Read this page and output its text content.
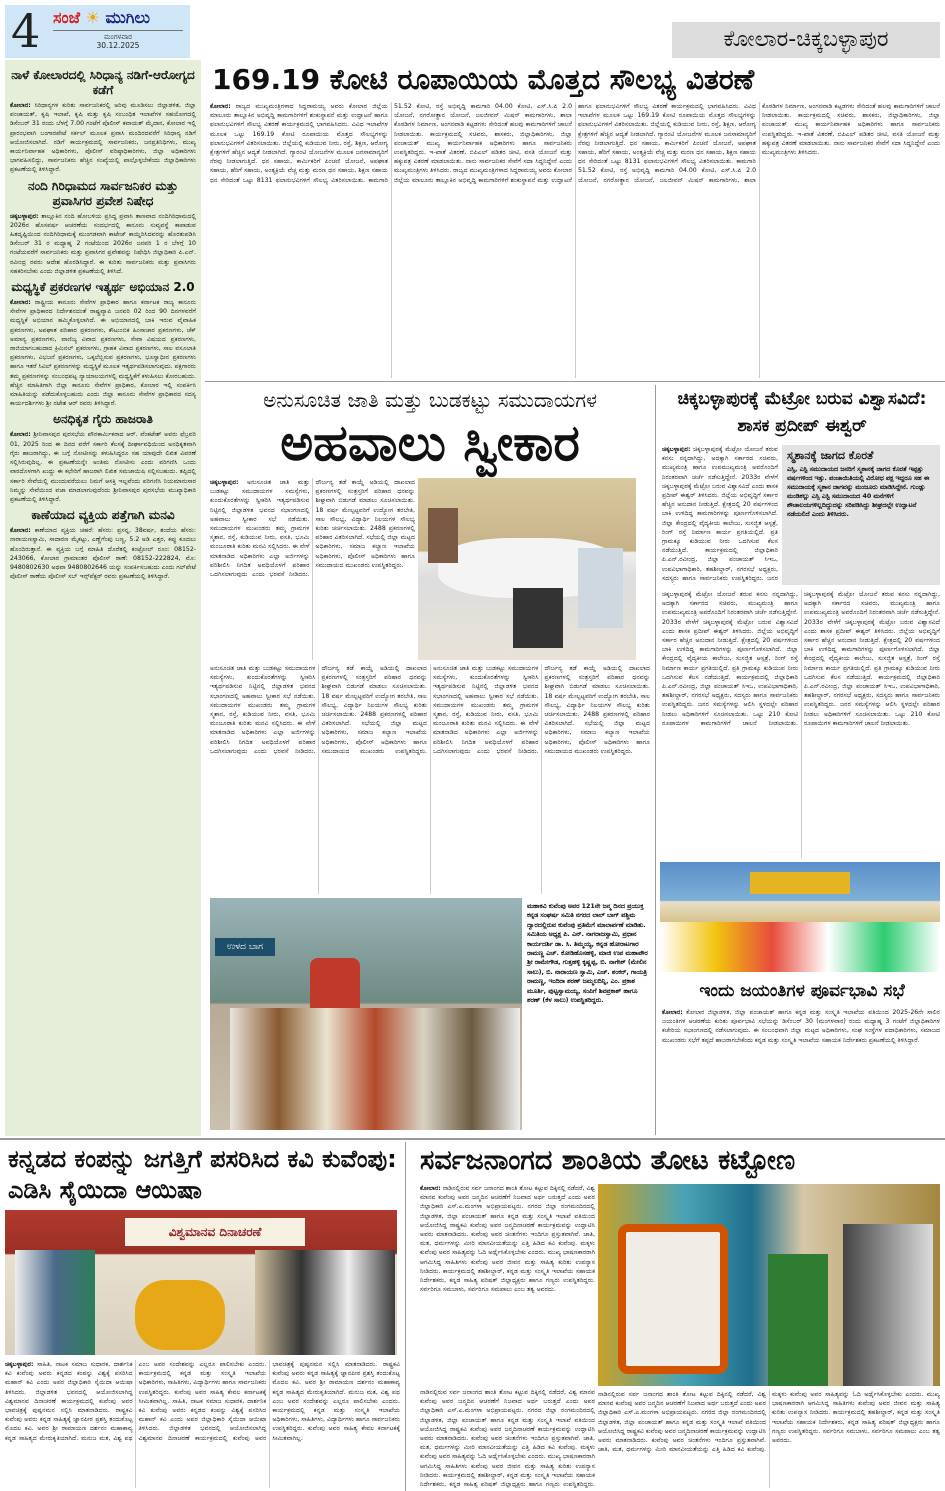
4 ಸಂಜೆ ☀ ಮುಗಿಲು
ಮಂಗಳವಾರ
30.12.2025	ಕೋಲಾರ-ಚಿಕ್ಕಬಳ್ಳಾಪುರ
ನಾಳೆ ಕೋಲಾರದಲ್ಲಿ ಸಿರಿಧಾನ್ಯ ನಡಿಗೆ-ಆರೋಗ್ಯದ ಕಡೆಗೆ

ಕೋಲಾರ: ಸಿರಿಧಾನ್ಯಗಳ ಕುರಿತು ಸಾರ್ವಜನಿಕರಲ್ಲಿ ಅರಿವು ಮೂಡಿಸಲು ಜಿಲ್ಲಾಡಳಿತ, ಜಿಲ್ಲಾ ಪಂಚಾಯತ್, ಕೃಷಿ ಇಲಾಖೆ, ಕೃಷಿ ಮತ್ತು ಕೃಷಿ ಸಂಬಂಧಿತ ಇಲಾಖೆಗಳ ಸಹಯೋಗದಲ್ಲಿ ಡಿಸೆಂಬರ್ 31 ರಂದು ಬೆಳಗ್ಗೆ 7.00 ಗಂಟೆಗೆ ಪೊಲೀಸ್ ಕವಾಯತ್ ಮೈದಾನ, ಕೋಲಾರ ಇಲ್ಲಿ ಪ್ರಾರಂಭವಾಗಿ ಬಂಗಾರಪೇಟೆ ಸರ್ಕಲ್ ಮೂಲಕ ಪ್ರವಾಸಿ ಮಂದಿರದವರೆಗೆ ಸಿರಿಧಾನ್ಯ ನಡಿಗೆ ಆಯೋಜಿಸಲಾಗಿದೆ. ನಡಿಗೆ ಕಾರ್ಯಕ್ರಮದಲ್ಲಿ ಸಾರ್ವಜನಿಕರು, ಜನಪ್ರತಿನಿಧಿಗಳು, ಮುಖ್ಯ ಕಾರ್ಯನಿರ್ವಾಹಕ ಅಧಿಕಾರಿಗಳು, ಪೊಲೀಸ್ ವರಿಷ್ಠಾಧಿಕಾರಿಗಳು, ಜಿಲ್ಲಾ ಅಧಿಕಾರಿಗಳು ಭಾಗವಹಿಸಲಿದ್ದು, ಸಾರ್ವಜನಿಕರು ಹೆಚ್ಚಿನ ಸಂಖ್ಯೆಯಲ್ಲಿ ಪಾಲ್ಗೊಳ್ಳಬೇಕೆಂದು ಜಿಲ್ಲಾಧಿಕಾರಿಗಳು ಪ್ರಕಟಣೆಯಲ್ಲಿ ತಿಳಿಸಿದ್ದಾರೆ.

ನಂದಿ ಗಿರಿಧಾಮದ ಸಾರ್ವಜನಿಕರ ಮತ್ತು ಪ್ರವಾಸಿಗರ ಪ್ರವೇಶ ನಿಷೇಧ

ಚಿಕ್ಕಬಳ್ಳಾಪುರ: ತಾಲ್ಲೂಕಿನ ನಂದಿ ಹೋಬಳಿಯ ಪ್ರಸಿದ್ಧ ಪ್ರವಾಸಿ ತಾಣವಾದ ನಂದಿಗಿರಿಧಾಮದಲ್ಲಿ 2026ರ ಹೊಸವರ್ಷ ಆಚರಣೆಯ ಸಂದರ್ಭದಲ್ಲಿ ಕಾನೂನು ಸುವ್ಯವಸ್ಥೆ ಕಾಪಾಡುವ ಹಿತದೃಷ್ಟಿಯಿಂದ ನಂದಿಗಿರಿಧಾಮಕ್ಕೆ ಮುಂಗಡವಾಗಿ ಕಾಟೇಜ್ ಕಾಯ್ದಿರಿಸಿದವರನ್ನು ಹೊರತುಪಡಿಸಿ ಡಿಸೆಂಬರ್ 31 ರ ಮಧ್ಯಾಹ್ನ 2 ಗಂಟೆಯಿಂದ 2026ರ ಜನವರಿ 1 ರ ಬೆಳಗ್ಗೆ 10 ಗಂಟೆಯವರೆಗೆ ಸಾರ್ವಜನಿಕರು ಮತ್ತು ಪ್ರವಾಸಿಗರ ಪ್ರವೇಶವನ್ನು ನಿಷೇಧಿಸಿ ಜಿಲ್ಲಾಧಿಕಾರಿ ಪಿ.ಎನ್. ರವೀಂದ್ರ ರವರು ಆದೇಶ ಹೊರಡಿಸಿದ್ದಾರೆ. ಈ ಕುರಿತು ಸಾರ್ವಜನಿಕರು ಮತ್ತು ಪ್ರವಾಸಿಗರು ಸಹಕರಿಸಬೇಕು ಎಂದು ಜಿಲ್ಲಾಡಳಿತ ಪ್ರಕಟಣೆಯಲ್ಲಿ ತಿಳಿಸಿದೆ.

ಮಧ್ಯಸ್ಥಿಕೆ ಪ್ರಕರಣಗಳ ಇತ್ಯರ್ಥ ಅಭಿಯಾನ 2.0

ಕೋಲಾರ: ರಾಷ್ಟ್ರೀಯ ಕಾನೂನು ಸೇವೆಗಳ ಪ್ರಾಧಿಕಾರ ಹಾಗೂ ಕರ್ನಾಟಕ ರಾಜ್ಯ ಕಾನೂನು ಸೇವೆಗಳ ಪ್ರಾಧಿಕಾರದ ನಿರ್ದೇಶನದಂತೆ ರಾಷ್ಟ್ರವ್ಯಾಪಿ ಜನವರಿ 02 ರಿಂದ 90 ದಿನಗಳವರೆಗೆ ಮಧ್ಯಸ್ಥಿಕೆ ಅಭಿಯಾನ ಹಮ್ಮಿಕೊಳ್ಳಲಾಗಿದೆ. ಈ ಅಭಿಯಾನದಲ್ಲಿ ಬಾಕಿ ಇರುವ ವೈವಾಹಿಕ ಪ್ರಕರಣಗಳು, ಅಪಘಾತ ಪರಿಹಾರ ಪ್ರಕರಣಗಳು, ಕೌಟುಂಬಿಕ ಹಿಂಸಾಚಾರ ಪ್ರಕರಣಗಳು, ಚೆಕ್ ಅಮಾನ್ಯ ಪ್ರಕರಣಗಳು, ವಾಣಿಜ್ಯ ವಿವಾದ ಪ್ರಕರಣಗಳು, ಸೇವಾ ವಿಷಯದ ಪ್ರಕರಣಗಳು, ರಾಜಿಯಾಗಬಹುದಾದ ಕ್ರಿಮಿನಲ್ ಪ್ರಕರಣಗಳು, ಗ್ರಾಹಕ ವಿವಾದ ಪ್ರಕರಣಗಳು, ಸಾಲ ವಸೂಲಾತಿ ಪ್ರಕರಣಗಳು, ವಿಭಜನೆ ಪ್ರಕರಣಗಳು, ಒಕ್ಕಲೆಬ್ಬಿಸುವ ಪ್ರಕರಣಗಳು, ಭೂಸ್ವಾಧೀನ ಪ್ರಕರಣಗಳು ಹಾಗೂ ಇತರೆ ಸಿವಿಲ್ ಪ್ರಕರಣಗಳನ್ನು ಮಧ್ಯಸ್ಥಿಕೆ ಮೂಲಕ ಇತ್ಯರ್ಥಪಡಿಸಲಾಗುವುದು. ಪಕ್ಷಗಾರರು ತಮ್ಮ ಪ್ರಕರಣಗಳನ್ನು ಸಂಬಂಧಪಟ್ಟ ನ್ಯಾಯಾಲಯಗಳಲ್ಲಿ ಮಧ್ಯಸ್ಥಿಕೆಗೆ ಕಳುಹಿಸಲು ಕೋರಬಹುದು. ಹೆಚ್ಚಿನ ಮಾಹಿತಿಗಾಗಿ ಜಿಲ್ಲಾ ಕಾನೂನು ಸೇವೆಗಳ ಪ್ರಾಧಿಕಾರ, ಕೋಲಾರ ಇಲ್ಲಿ ಸಂಪರ್ಕಿಸಿ ಮಾಹಿತಿಯನ್ನು ಪಡೆದುಕೊಳ್ಳಬಹುದು ಎಂದು ಜಿಲ್ಲಾ ಕಾನೂನು ಸೇವೆಗಳ ಪ್ರಾಧಿಕಾರದ ಸದಸ್ಯ ಕಾರ್ಯದರ್ಶಿಗಳು ಶ್ರೀ ನಟೇಶ ಆರ್ ರವರು ತಿಳಿಸಿದ್ದಾರೆ.

ಅನಧಿಕೃತ ಗೈರು ಹಾಜರಾತಿ

ಕೋಲಾರ: ಶ್ರೀನಿವಾಸಪುರ ಪುರಸಭೆಯ ಪೌರಕಾರ್ಮಿಕರಾದ ಆರ್. ವೆಂಕಟೇಶ್ ಅವರು ಫೆಬ್ರವರಿ 01, 2025 ರಿಂದ ಈ ದಿನದ ವರೆಗೆ ಸರ್ಕಾರಿ ಕೆಲಸಕ್ಕೆ ದೀರ್ಘಾವಧಿಯಿಂದ ಅನಧಿಕೃತವಾಗಿ ಗೈರು ಹಾಜರಾಗಿದ್ದು, ಈ ಬಗ್ಗೆ ನೋಟೀಸನ್ನು ಕಳುಹಿಸಿದ್ದರೂ ಸಹ ಯಾವುದೇ ಲಿಖಿತ ವಿವರಣೆ ಸಲ್ಲಿಸಿರುವುದಿಲ್ಲ. ಈ ಪ್ರಕಟಣೆಯನ್ನೇ ಅಂತಿಮ ನೋಟೀಸು ಎಂದು ಪರಿಗಣಿಸಿ ಒಂದು ವಾರದೊಳಗಾಗಿ ಖುದ್ದು ಈ ಕಛೇರಿಗೆ ಹಾಜರಾಗಿ ಲಿಖಿತ ಸಮಜಾಯಿಷಿ ಸಲ್ಲಿಸಬಹುದು. ತಪ್ಪಿದಲ್ಲಿ ಸರ್ಕಾರಿ ಸೇವೆಯಲ್ಲಿ ಮುಂದುವರೆಯಲು ನಿಮಗೆ ಆಸಕ್ತಿ ಇಲ್ಲವೆಂದು ಪರಿಗಣಿಸಿ ನಿಯಮಾನುಸಾರ ನಿಮ್ಮನ್ನು ಸೇವೆಯಿಂದ ವಜಾ ಮಾಡಲಾಗುವುದೆಂದು ಶ್ರೀನಿವಾಸಪುರ ಪುರಸಭೆಯ ಮುಖ್ಯಾಧಿಕಾರಿ ಪ್ರಕಟಣೆಯಲ್ಲಿ ತಿಳಿಸಿದ್ದಾರೆ.

ಕಾಣೆಯಾದ ವ್ಯಕ್ತಿಯ ಪತ್ತೆಗಾಗಿ ಮನವಿ

ಕೋಲಾರ: ಕಾಣೆಯಾದ ವ್ಯಕ್ತಿಯ ಚಹರೆ: ಹೆಸರು: ಪ್ರಸನ್ನ, 38ವರ್ಷ, ತಂದೆಯ ಹೆಸರು: ನಾರಾಯಣಸ್ವಾಮಿ, ಸಾದಾರಣ ಮೈಕಟ್ಟು, ಎಣ್ಣೆಗೆಂಪು ಬಣ್ಣ, 5.2 ಅಡಿ ಎತ್ತರ, ಕಪ್ಪು ಕೂದಲು ಹೊಂದಿರುತ್ತಾನೆ. ಈ ವ್ಯಕ್ತಿಯ ಬಗ್ಗೆ ಮಾಹಿತಿ ದೊರೆತಲ್ಲಿ ಕಂಟ್ರೋಲ್ ರೂಂ: 08152-243066, ಕೋಲಾರ ಗ್ರಾಮಾಂತರ ಪೊಲೀಸ್ ಠಾಣೆ: 08152-222824, ಮೊ: 9480802630 ಅಥವಾ 9480802646 ಯನ್ನು ಸಂಪರ್ಕಿಸಬಹುದು ಎಂದು ಗಲ್‌ಪೇಟೆ ಪೊಲೀಸ್ ಠಾಣೆಯ ಪೊಲೀಸ್ ಸಬ್ ಇನ್ಸ್‌ಪೆಕ್ಟರ್ ರವರು ಪ್ರಕಟಣೆಯಲ್ಲಿ ತಿಳಿಸಿದ್ದಾರೆ.

169.19 ಕೋಟಿ ರೂಪಾಯಿಯ ಮೊತ್ತದ ಸೌಲಭ್ಯ ವಿತರಣೆ
ಕೋಲಾರ: ರಾಜ್ಯದ ಮುಖ್ಯಮಂತ್ರಿಗಳಾದ ಸಿದ್ದರಾಮಯ್ಯ ಅವರು ಕೋಲಾರ ಜಿಲ್ಲೆಯ ಮಾಲೂರು ತಾಲ್ಲೂಕಿನ ಅಭಿವೃದ್ಧಿ ಕಾಮಗಾರಿಗಳಿಗೆ ಶಂಕುಸ್ಥಾಪನೆ ಮತ್ತು ಉದ್ಘಾಟನೆ ಹಾಗೂ ಫಲಾನುಭವಿಗಳಿಗೆ ಸೌಲಭ್ಯ ವಿತರಣೆ ಕಾರ್ಯಕ್ರಮದಲ್ಲಿ ಭಾಗವಹಿಸಿದರು. ವಿವಿಧ ಇಲಾಖೆಗಳ ಮೂಲಕ ಒಟ್ಟು 169.19 ಕೋಟಿ ರೂಪಾಯಿಯ ಮೊತ್ತದ ಸೌಲಭ್ಯಗಳನ್ನು ಫಲಾನುಭವಿಗಳಿಗೆ ವಿತರಿಸಲಾಯಿತು. ಜಿಲ್ಲೆಯಲ್ಲಿ ಕುಡಿಯುವ ನೀರು, ರಸ್ತೆ, ಶಿಕ್ಷಣ, ಆರೋಗ್ಯ ಕ್ಷೇತ್ರಗಳಿಗೆ ಹೆಚ್ಚಿನ ಆದ್ಯತೆ ನೀಡಲಾಗಿದೆ. ಗ್ಯಾರಂಟಿ ಯೋಜನೆಗಳ ಮೂಲಕ ಜನಸಾಮಾನ್ಯರಿಗೆ ನೆರವು ನೀಡಲಾಗುತ್ತಿದೆ. ಧನ ಸಹಾಯ, ಕಾರ್ಮಿಕರಿಗೆ ಪಿಂಚಣಿ ಯೋಜನೆ, ಅಪಘಾತ ಸಹಾಯ, ಹೆರಿಗೆ ಸಹಾಯ, ಅಂತ್ಯಕ್ರಿಯೆ ವೆಚ್ಚ ಮತ್ತು ಮರಣ ಧನ ಸಹಾಯ, ಶಿಕ್ಷಣ ಸಹಾಯ ಧನ ಸೇರಿದಂತೆ ಒಟ್ಟು 8131 ಫಲಾನುಭವಿಗಳಿಗೆ ಸೌಲಭ್ಯ ವಿತರಿಸಲಾಯಿತು. ಕಾಮಗಾರಿ 51.52 ಕೋಟಿ, ರಸ್ತೆ ಅಭಿವೃದ್ಧಿ ಕಾಮಗಾರಿ 04.00 ಕೋಟಿ, ಎಸ್.ಸಿ.ಪಿ 2.0 ಯೋಜನೆ, ನಗರೋತ್ಥಾನ ಯೋಜನೆ, ಜಲಜೀವನ್ ಮಿಷನ್ ಕಾಮಗಾರಿಗಳು, ಶಾಲಾ ಕೊಠಡಿಗಳ ನಿರ್ಮಾಣ, ಅಂಗನವಾಡಿ ಕಟ್ಟಡಗಳು ಸೇರಿದಂತೆ ಹಲವು ಕಾಮಗಾರಿಗಳಿಗೆ ಚಾಲನೆ ನೀಡಲಾಯಿತು. ಕಾರ್ಯಕ್ರಮದಲ್ಲಿ ಸಚಿವರು, ಶಾಸಕರು, ಜಿಲ್ಲಾಧಿಕಾರಿಗಳು, ಜಿಲ್ಲಾ ಪಂಚಾಯತ್ ಮುಖ್ಯ ಕಾರ್ಯನಿರ್ವಾಹಕ ಅಧಿಕಾರಿಗಳು ಹಾಗೂ ಸಾರ್ವಜನಿಕರು ಉಪಸ್ಥಿತರಿದ್ದರು. ಇ-ಖಾತೆ ವಿತರಣೆ, ಬಿಪಿಎಲ್ ಪಡಿತರ ಚೀಟಿ, ವಸತಿ ಯೋಜನೆ ಮತ್ತು ಹಕ್ಕುಪತ್ರ ವಿತರಣೆ ಮಾಡಲಾಯಿತು. ನಾನು ಸಾರ್ವಜನಿಕರ ಸೇವೆಗೆ ಸದಾ ಸಿದ್ಧನಿದ್ದೇನೆ ಎಂದು ಮುಖ್ಯಮಂತ್ರಿಗಳು ತಿಳಿಸಿದರು. ರಾಜ್ಯದ ಮುಖ್ಯಮಂತ್ರಿಗಳಾದ ಸಿದ್ದರಾಮಯ್ಯ ಅವರು ಕೋಲಾರ ಜಿಲ್ಲೆಯ ಮಾಲೂರು ತಾಲ್ಲೂಕಿನ ಅಭಿವೃದ್ಧಿ ಕಾಮಗಾರಿಗಳಿಗೆ ಶಂಕುಸ್ಥಾಪನೆ ಮತ್ತು ಉದ್ಘಾಟನೆ ಹಾಗೂ ಫಲಾನುಭವಿಗಳಿಗೆ ಸೌಲಭ್ಯ ವಿತರಣೆ ಕಾರ್ಯಕ್ರಮದಲ್ಲಿ ಭಾಗವಹಿಸಿದರು. ವಿವಿಧ ಇಲಾಖೆಗಳ ಮೂಲಕ ಒಟ್ಟು 169.19 ಕೋಟಿ ರೂಪಾಯಿಯ ಮೊತ್ತದ ಸೌಲಭ್ಯಗಳನ್ನು ಫಲಾನುಭವಿಗಳಿಗೆ ವಿತರಿಸಲಾಯಿತು. ಜಿಲ್ಲೆಯಲ್ಲಿ ಕುಡಿಯುವ ನೀರು, ರಸ್ತೆ, ಶಿಕ್ಷಣ, ಆರೋಗ್ಯ ಕ್ಷೇತ್ರಗಳಿಗೆ ಹೆಚ್ಚಿನ ಆದ್ಯತೆ ನೀಡಲಾಗಿದೆ. ಗ್ಯಾರಂಟಿ ಯೋಜನೆಗಳ ಮೂಲಕ ಜನಸಾಮಾನ್ಯರಿಗೆ ನೆರವು ನೀಡಲಾಗುತ್ತಿದೆ. ಧನ ಸಹಾಯ, ಕಾರ್ಮಿಕರಿಗೆ ಪಿಂಚಣಿ ಯೋಜನೆ, ಅಪಘಾತ ಸಹಾಯ, ಹೆರಿಗೆ ಸಹಾಯ, ಅಂತ್ಯಕ್ರಿಯೆ ವೆಚ್ಚ ಮತ್ತು ಮರಣ ಧನ ಸಹಾಯ, ಶಿಕ್ಷಣ ಸಹಾಯ ಧನ ಸೇರಿದಂತೆ ಒಟ್ಟು 8131 ಫಲಾನುಭವಿಗಳಿಗೆ ಸೌಲಭ್ಯ ವಿತರಿಸಲಾಯಿತು. ಕಾಮಗಾರಿ 51.52 ಕೋಟಿ, ರಸ್ತೆ ಅಭಿವೃದ್ಧಿ ಕಾಮಗಾರಿ 04.00 ಕೋಟಿ, ಎಸ್.ಸಿ.ಪಿ 2.0 ಯೋಜನೆ, ನಗರೋತ್ಥಾನ ಯೋಜನೆ, ಜಲಜೀವನ್ ಮಿಷನ್ ಕಾಮಗಾರಿಗಳು, ಶಾಲಾ ಕೊಠಡಿಗಳ ನಿರ್ಮಾಣ, ಅಂಗನವಾಡಿ ಕಟ್ಟಡಗಳು ಸೇರಿದಂತೆ ಹಲವು ಕಾಮಗಾರಿಗಳಿಗೆ ಚಾಲನೆ ನೀಡಲಾಯಿತು. ಕಾರ್ಯಕ್ರಮದಲ್ಲಿ ಸಚಿವರು, ಶಾಸಕರು, ಜಿಲ್ಲಾಧಿಕಾರಿಗಳು, ಜಿಲ್ಲಾ ಪಂಚಾಯತ್ ಮುಖ್ಯ ಕಾರ್ಯನಿರ್ವಾಹಕ ಅಧಿಕಾರಿಗಳು ಹಾಗೂ ಸಾರ್ವಜನಿಕರು ಉಪಸ್ಥಿತರಿದ್ದರು. ಇ-ಖಾತೆ ವಿತರಣೆ, ಬಿಪಿಎಲ್ ಪಡಿತರ ಚೀಟಿ, ವಸತಿ ಯೋಜನೆ ಮತ್ತು ಹಕ್ಕುಪತ್ರ ವಿತರಣೆ ಮಾಡಲಾಯಿತು. ನಾನು ಸಾರ್ವಜನಿಕರ ಸೇವೆಗೆ ಸದಾ ಸಿದ್ಧನಿದ್ದೇನೆ ಎಂದು ಮುಖ್ಯಮಂತ್ರಿಗಳು ತಿಳಿಸಿದರು.
ಅನುಸೂಚಿತ ಜಾತಿ ಮತ್ತು ಬುಡಕಟ್ಟು ಸಮುದಾಯಗಳ
ಅಹವಾಲು ಸ್ವೀಕಾರ
ಚಿಕ್ಕಬಳ್ಳಾಪುರ: ಅನುಸೂಚಿತ ಜಾತಿ ಮತ್ತು ಬುಡಕಟ್ಟು ಸಮುದಾಯಗಳ ಸಮಸ್ಯೆಗಳು, ಕುಂದುಕೊರತೆಗಳನ್ನು ಸ್ವೀಕರಿಸಿ ಇತ್ಯರ್ಥಪಡಿಸುವ ನಿಟ್ಟಿನಲ್ಲಿ ಜಿಲ್ಲಾಡಳಿತ ಭವನದ ಸಭಾಂಗಣದಲ್ಲಿ ಅಹವಾಲು ಸ್ವೀಕಾರ ಸಭೆ ನಡೆಯಿತು. ಸಮುದಾಯಗಳ ಮುಖಂಡರು ತಮ್ಮ ಗ್ರಾಮಗಳ ಸ್ಮಶಾನ, ರಸ್ತೆ, ಕುಡಿಯುವ ನೀರು, ವಸತಿ, ಭೂಮಿ ಮಂಜೂರಾತಿ ಕುರಿತು ಮನವಿ ಸಲ್ಲಿಸಿದರು. ಈ ವೇಳೆ ಮಾತನಾಡಿದ ಅಧಿಕಾರಿಗಳು ಎಲ್ಲಾ ಅರ್ಜಿಗಳನ್ನು ಪರಿಶೀಲಿಸಿ ನಿಗದಿತ ಅವಧಿಯೊಳಗೆ ಪರಿಹಾರ ಒದಗಿಸಲಾಗುವುದು ಎಂದು ಭರವಸೆ ನೀಡಿದರು. ದೌರ್ಜನ್ಯ ತಡೆ ಕಾಯ್ದೆ ಅಡಿಯಲ್ಲಿ ದಾಖಲಾದ ಪ್ರಕರಣಗಳಲ್ಲಿ ಸಂತ್ರಸ್ತರಿಗೆ ಪರಿಹಾರ ಧನವನ್ನು ಶೀಘ್ರವಾಗಿ ಬಿಡುಗಡೆ ಮಾಡಲು ಸೂಚಿಸಲಾಯಿತು. 18 ವರ್ಷ ಮೇಲ್ಪಟ್ಟವರಿಗೆ ಉದ್ಯೋಗ ತರಬೇತಿ, ಸಾಲ ಸೌಲಭ್ಯ, ವಿದ್ಯಾರ್ಥಿ ನಿಲಯಗಳ ಸೌಲಭ್ಯ ಕುರಿತು ಚರ್ಚಿಸಲಾಯಿತು. 2488 ಪ್ರಕರಣಗಳಲ್ಲಿ ಪರಿಹಾರ ವಿತರಿಸಲಾಗಿದೆ. ಸಭೆಯಲ್ಲಿ ಜಿಲ್ಲಾ ಮಟ್ಟದ ಅಧಿಕಾರಿಗಳು, ಸಮಾಜ ಕಲ್ಯಾಣ ಇಲಾಖೆಯ ಅಧಿಕಾರಿಗಳು, ಪೊಲೀಸ್ ಅಧಿಕಾರಿಗಳು ಹಾಗೂ ಸಮುದಾಯದ ಮುಖಂಡರು ಉಪಸ್ಥಿತರಿದ್ದರು.
ಅನುಸೂಚಿತ ಜಾತಿ ಮತ್ತು ಬುಡಕಟ್ಟು ಸಮುದಾಯಗಳ ಸಮಸ್ಯೆಗಳು, ಕುಂದುಕೊರತೆಗಳನ್ನು ಸ್ವೀಕರಿಸಿ ಇತ್ಯರ್ಥಪಡಿಸುವ ನಿಟ್ಟಿನಲ್ಲಿ ಜಿಲ್ಲಾಡಳಿತ ಭವನದ ಸಭಾಂಗಣದಲ್ಲಿ ಅಹವಾಲು ಸ್ವೀಕಾರ ಸಭೆ ನಡೆಯಿತು. ಸಮುದಾಯಗಳ ಮುಖಂಡರು ತಮ್ಮ ಗ್ರಾಮಗಳ ಸ್ಮಶಾನ, ರಸ್ತೆ, ಕುಡಿಯುವ ನೀರು, ವಸತಿ, ಭೂಮಿ ಮಂಜೂರಾತಿ ಕುರಿತು ಮನವಿ ಸಲ್ಲಿಸಿದರು. ಈ ವೇಳೆ ಮಾತನಾಡಿದ ಅಧಿಕಾರಿಗಳು ಎಲ್ಲಾ ಅರ್ಜಿಗಳನ್ನು ಪರಿಶೀಲಿಸಿ ನಿಗದಿತ ಅವಧಿಯೊಳಗೆ ಪರಿಹಾರ ಒದಗಿಸಲಾಗುವುದು ಎಂದು ಭರವಸೆ ನೀಡಿದರು. ದೌರ್ಜನ್ಯ ತಡೆ ಕಾಯ್ದೆ ಅಡಿಯಲ್ಲಿ ದಾಖಲಾದ ಪ್ರಕರಣಗಳಲ್ಲಿ ಸಂತ್ರಸ್ತರಿಗೆ ಪರಿಹಾರ ಧನವನ್ನು ಶೀಘ್ರವಾಗಿ ಬಿಡುಗಡೆ ಮಾಡಲು ಸೂಚಿಸಲಾಯಿತು. 18 ವರ್ಷ ಮೇಲ್ಪಟ್ಟವರಿಗೆ ಉದ್ಯೋಗ ತರಬೇತಿ, ಸಾಲ ಸೌಲಭ್ಯ, ವಿದ್ಯಾರ್ಥಿ ನಿಲಯಗಳ ಸೌಲಭ್ಯ ಕುರಿತು ಚರ್ಚಿಸಲಾಯಿತು. 2488 ಪ್ರಕರಣಗಳಲ್ಲಿ ಪರಿಹಾರ ವಿತರಿಸಲಾಗಿದೆ. ಸಭೆಯಲ್ಲಿ ಜಿಲ್ಲಾ ಮಟ್ಟದ ಅಧಿಕಾರಿಗಳು, ಸಮಾಜ ಕಲ್ಯಾಣ ಇಲಾಖೆಯ ಅಧಿಕಾರಿಗಳು, ಪೊಲೀಸ್ ಅಧಿಕಾರಿಗಳು ಹಾಗೂ ಸಮುದಾಯದ ಮುಖಂಡರು ಉಪಸ್ಥಿತರಿದ್ದರು. ಅನುಸೂಚಿತ ಜಾತಿ ಮತ್ತು ಬುಡಕಟ್ಟು ಸಮುದಾಯಗಳ ಸಮಸ್ಯೆಗಳು, ಕುಂದುಕೊರತೆಗಳನ್ನು ಸ್ವೀಕರಿಸಿ ಇತ್ಯರ್ಥಪಡಿಸುವ ನಿಟ್ಟಿನಲ್ಲಿ ಜಿಲ್ಲಾಡಳಿತ ಭವನದ ಸಭಾಂಗಣದಲ್ಲಿ ಅಹವಾಲು ಸ್ವೀಕಾರ ಸಭೆ ನಡೆಯಿತು. ಸಮುದಾಯಗಳ ಮುಖಂಡರು ತಮ್ಮ ಗ್ರಾಮಗಳ ಸ್ಮಶಾನ, ರಸ್ತೆ, ಕುಡಿಯುವ ನೀರು, ವಸತಿ, ಭೂಮಿ ಮಂಜೂರಾತಿ ಕುರಿತು ಮನವಿ ಸಲ್ಲಿಸಿದರು. ಈ ವೇಳೆ ಮಾತನಾಡಿದ ಅಧಿಕಾರಿಗಳು ಎಲ್ಲಾ ಅರ್ಜಿಗಳನ್ನು ಪರಿಶೀಲಿಸಿ ನಿಗದಿತ ಅವಧಿಯೊಳಗೆ ಪರಿಹಾರ ಒದಗಿಸಲಾಗುವುದು ಎಂದು ಭರವಸೆ ನೀಡಿದರು. ದೌರ್ಜನ್ಯ ತಡೆ ಕಾಯ್ದೆ ಅಡಿಯಲ್ಲಿ ದಾಖಲಾದ ಪ್ರಕರಣಗಳಲ್ಲಿ ಸಂತ್ರಸ್ತರಿಗೆ ಪರಿಹಾರ ಧನವನ್ನು ಶೀಘ್ರವಾಗಿ ಬಿಡುಗಡೆ ಮಾಡಲು ಸೂಚಿಸಲಾಯಿತು. 18 ವರ್ಷ ಮೇಲ್ಪಟ್ಟವರಿಗೆ ಉದ್ಯೋಗ ತರಬೇತಿ, ಸಾಲ ಸೌಲಭ್ಯ, ವಿದ್ಯಾರ್ಥಿ ನಿಲಯಗಳ ಸೌಲಭ್ಯ ಕುರಿತು ಚರ್ಚಿಸಲಾಯಿತು. 2488 ಪ್ರಕರಣಗಳಲ್ಲಿ ಪರಿಹಾರ ವಿತರಿಸಲಾಗಿದೆ. ಸಭೆಯಲ್ಲಿ ಜಿಲ್ಲಾ ಮಟ್ಟದ ಅಧಿಕಾರಿಗಳು, ಸಮಾಜ ಕಲ್ಯಾಣ ಇಲಾಖೆಯ ಅಧಿಕಾರಿಗಳು, ಪೊಲೀಸ್ ಅಧಿಕಾರಿಗಳು ಹಾಗೂ ಸಮುದಾಯದ ಮುಖಂಡರು ಉಪಸ್ಥಿತರಿದ್ದರು.
ಉಳದ ಬಾಗ
ಮಹಾಕವಿ ಕುವೆಂಪು ಅವರ 121ನೇ ಜನ್ಮ ದಿನದ ಪ್ರಯುಕ್ತ ಕನ್ನಡ ಸಂಘರ್ಷ ಸಮಿತಿ ನಗರದ ಲಾಲ್ ಬಾಗ್ ಪಶ್ಚಿಮ ದ್ವಾರದಲ್ಲಿರುವ ಕುವೆಂಪು ಪ್ರತಿಮೆಗೆ ಮಾಲಾರ್ಪಣೆ ಮಾಡಿತು. ಸಮಿತಿಯ ಅಧ್ಯಕ್ಷ ಪಿ. ಎನ್. ನಾಗರಾಜಸ್ವಾಮಿ, ಪ್ರಧಾನ ಕಾರ್ಯದರ್ಶಿ ಡಾ. ಸಿ. ತಿಮ್ಮಯ್ಯ, ಕನ್ನಡ ಹೋರಾಟಗಾರ ರಾಮಣ್ಣ ಎಚ್. ಕೋಡಿಹೊಸಹಳ್ಳಿ, ಮಾಜಿ ಉಪ ಮಹಾಪೌರ ಶ್ರೀ ರಾಮೇಗೌಡ, ಗುತ್ತಹಳ್ಳಿ ಕೃಷ್ಣಪ್ಪ, ಬಿ. ನಾಗೇಶ್ (ಮೇಲಿನ ಸಾಲು), ಬಿ. ನಾರಾಯಣ ಸ್ವಾಮಿ, ಎಚ್. ಶಂಕರ್, ಗಾಯತ್ರಿ ರಾಮಣ್ಣ, ಇಂದಿರಾ ಶರಣ್ ಜಮ್ಮಲದಿನ್ನಿ, ಎಂ. ಪ್ರಕಾಶ ಮೂರ್ತಿ, ಪುಟ್ಟಸ್ವಾಮಯ್ಯ, ಸಂಪಿಗೆ ಶಿವಪ್ರಕಾಶ್ ಹಾಗೂ ಶರಣ್ (ಕೆಳ ಸಾಲು) ಉಪಸ್ಥಿತರಿದ್ದರು.
ಚಿಕ್ಕಬಳ್ಳಾಪುರಕ್ಕೆ ಮೆಟ್ರೋ ಬರುವ ವಿಶ್ವಾಸವಿದೆ: ಶಾಸಕ ಪ್ರದೀಪ್ ಈಶ್ವರ್
ಚಿಕ್ಕಬಳ್ಳಾಪುರ: ಚಿಕ್ಕಬಳ್ಳಾಪುರಕ್ಕೆ ಮೆಟ್ರೋ ಯೋಜನೆ ತರುವ ಕನಸು ನನ್ನದಾಗಿದ್ದು, ಅದಕ್ಕಾಗಿ ಸರ್ಕಾರದ ಸಚಿವರು, ಮುಖ್ಯಮಂತ್ರಿ ಹಾಗೂ ಉಪಮುಖ್ಯಮಂತ್ರಿ ಅವರೊಂದಿಗೆ ನಿರಂತರವಾಗಿ ಚರ್ಚೆ ನಡೆಸುತ್ತಿದ್ದೇನೆ. 2033ರ ವೇಳೆಗೆ ಚಿಕ್ಕಬಳ್ಳಾಪುರಕ್ಕೆ ಮೆಟ್ರೋ ಬರುವ ವಿಶ್ವಾಸವಿದೆ ಎಂದು ಶಾಸಕ ಪ್ರದೀಪ್ ಈಶ್ವರ್ ತಿಳಿಸಿದರು. ಜಿಲ್ಲೆಯ ಅಭಿವೃದ್ಧಿಗೆ ಸರ್ಕಾರ ಹೆಚ್ಚಿನ ಅನುದಾನ ನೀಡುತ್ತಿದೆ. ಕ್ಷೇತ್ರದಲ್ಲಿ 20 ವರ್ಷಗಳಿಂದ ಬಾಕಿ ಉಳಿದಿದ್ದ ಕಾಮಗಾರಿಗಳನ್ನು ಪೂರ್ಣಗೊಳಿಸಲಾಗಿದೆ. ಜಿಲ್ಲಾ ಕೇಂದ್ರದಲ್ಲಿ ವೈದ್ಯಕೀಯ ಕಾಲೇಜು, ಸುಸಜ್ಜಿತ ಆಸ್ಪತ್ರೆ, ರಿಂಗ್ ರಸ್ತೆ ನಿರ್ಮಾಣ ಕಾರ್ಯ ಪ್ರಗತಿಯಲ್ಲಿದೆ. ಪ್ರತಿ ಗ್ರಾಮಕ್ಕೂ ಕುಡಿಯುವ ನೀರು ಒದಗಿಸುವ ಕೆಲಸ ನಡೆಯುತ್ತಿದೆ. ಕಾರ್ಯಕ್ರಮದಲ್ಲಿ ಜಿಲ್ಲಾಧಿಕಾರಿ ಪಿ.ಎನ್.ರವೀಂದ್ರ, ಜಿಲ್ಲಾ ಪಂಚಾಯತ್ ಸಿಇಒ, ಉಪವಿಭಾಗಾಧಿಕಾರಿ, ತಹಶೀಲ್ದಾರ್, ನಗರಸಭೆ ಅಧ್ಯಕ್ಷರು, ಸದಸ್ಯರು ಹಾಗೂ ಸಾರ್ವಜನಿಕರು ಉಪಸ್ಥಿತರಿದ್ದರು. ಜನರ
ಸ್ಮಶಾನಕ್ಕೆ ಜಾಗದ ಕೊರತೆ

ಎಸ್ಸಿ, ಎಸ್ಟಿ ಸಮುದಾಯದ ಜನರಿಗೆ ಸ್ಮಶಾನಕ್ಕೆ ಜಾಗದ ಕೊರತೆ ಇಪ್ಪತ್ತು ವರ್ಷಗಳಿಂದ ಇತ್ತು. ಪಂಚಾಯಿತಿಯಲ್ಲಿ ವಿರೋಧ ಪಕ್ಷ ಇದ್ದರೂ ಸಹ ಈ ಸಮುದಾಯಕ್ಕೆ ಸ್ಮಶಾನ ಜಾಗವನ್ನು ಮಂಜೂರು ಮಾಡಿಸಿದ್ದೇನೆ. ಗುಂಡ್ಲು ಮಂಡಿಕಲ್ಲು ಎಸ್ಸಿ ಎಸ್ಟಿ ಸಮುದಾಯದ 40 ಮನೆಗಳಿಗೆ ಶೌಚಾಲಯಗಳಿಲ್ಲದಿದ್ದುದನ್ನು ಸರಿಪಡಿಸಿದ್ದು ಶೀಘ್ರದಲ್ಲೇ ಉದ್ಘಾಟನೆ ನಡೆಯಲಿದೆ ಎಂದು ತಿಳಿಸಿದರು.

ಚಿಕ್ಕಬಳ್ಳಾಪುರಕ್ಕೆ ಮೆಟ್ರೋ ಯೋಜನೆ ತರುವ ಕನಸು ನನ್ನದಾಗಿದ್ದು, ಅದಕ್ಕಾಗಿ ಸರ್ಕಾರದ ಸಚಿವರು, ಮುಖ್ಯಮಂತ್ರಿ ಹಾಗೂ ಉಪಮುಖ್ಯಮಂತ್ರಿ ಅವರೊಂದಿಗೆ ನಿರಂತರವಾಗಿ ಚರ್ಚೆ ನಡೆಸುತ್ತಿದ್ದೇನೆ. 2033ರ ವೇಳೆಗೆ ಚಿಕ್ಕಬಳ್ಳಾಪುರಕ್ಕೆ ಮೆಟ್ರೋ ಬರುವ ವಿಶ್ವಾಸವಿದೆ ಎಂದು ಶಾಸಕ ಪ್ರದೀಪ್ ಈಶ್ವರ್ ತಿಳಿಸಿದರು. ಜಿಲ್ಲೆಯ ಅಭಿವೃದ್ಧಿಗೆ ಸರ್ಕಾರ ಹೆಚ್ಚಿನ ಅನುದಾನ ನೀಡುತ್ತಿದೆ. ಕ್ಷೇತ್ರದಲ್ಲಿ 20 ವರ್ಷಗಳಿಂದ ಬಾಕಿ ಉಳಿದಿದ್ದ ಕಾಮಗಾರಿಗಳನ್ನು ಪೂರ್ಣಗೊಳಿಸಲಾಗಿದೆ. ಜಿಲ್ಲಾ ಕೇಂದ್ರದಲ್ಲಿ ವೈದ್ಯಕೀಯ ಕಾಲೇಜು, ಸುಸಜ್ಜಿತ ಆಸ್ಪತ್ರೆ, ರಿಂಗ್ ರಸ್ತೆ ನಿರ್ಮಾಣ ಕಾರ್ಯ ಪ್ರಗತಿಯಲ್ಲಿದೆ. ಪ್ರತಿ ಗ್ರಾಮಕ್ಕೂ ಕುಡಿಯುವ ನೀರು ಒದಗಿಸುವ ಕೆಲಸ ನಡೆಯುತ್ತಿದೆ. ಕಾರ್ಯಕ್ರಮದಲ್ಲಿ ಜಿಲ್ಲಾಧಿಕಾರಿ ಪಿ.ಎನ್.ರವೀಂದ್ರ, ಜಿಲ್ಲಾ ಪಂಚಾಯತ್ ಸಿಇಒ, ಉಪವಿಭಾಗಾಧಿಕಾರಿ, ತಹಶೀಲ್ದಾರ್, ನಗರಸಭೆ ಅಧ್ಯಕ್ಷರು, ಸದಸ್ಯರು ಹಾಗೂ ಸಾರ್ವಜನಿಕರು ಉಪಸ್ಥಿತರಿದ್ದರು. ಜನರ ಸಮಸ್ಯೆಗಳನ್ನು ಆಲಿಸಿ ಸ್ಥಳದಲ್ಲೇ ಪರಿಹಾರ ನೀಡಲು ಅಧಿಕಾರಿಗಳಿಗೆ ಸೂಚಿಸಲಾಯಿತು. ಒಟ್ಟು 210 ಕೋಟಿ ರೂಪಾಯಿಗಳ ಕಾಮಗಾರಿಗಳಿಗೆ ಚಾಲನೆ ನೀಡಲಾಯಿತು. ಚಿಕ್ಕಬಳ್ಳಾಪುರಕ್ಕೆ ಮೆಟ್ರೋ ಯೋಜನೆ ತರುವ ಕನಸು ನನ್ನದಾಗಿದ್ದು, ಅದಕ್ಕಾಗಿ ಸರ್ಕಾರದ ಸಚಿವರು, ಮುಖ್ಯಮಂತ್ರಿ ಹಾಗೂ ಉಪಮುಖ್ಯಮಂತ್ರಿ ಅವರೊಂದಿಗೆ ನಿರಂತರವಾಗಿ ಚರ್ಚೆ ನಡೆಸುತ್ತಿದ್ದೇನೆ. 2033ರ ವೇಳೆಗೆ ಚಿಕ್ಕಬಳ್ಳಾಪುರಕ್ಕೆ ಮೆಟ್ರೋ ಬರುವ ವಿಶ್ವಾಸವಿದೆ ಎಂದು ಶಾಸಕ ಪ್ರದೀಪ್ ಈಶ್ವರ್ ತಿಳಿಸಿದರು. ಜಿಲ್ಲೆಯ ಅಭಿವೃದ್ಧಿಗೆ ಸರ್ಕಾರ ಹೆಚ್ಚಿನ ಅನುದಾನ ನೀಡುತ್ತಿದೆ. ಕ್ಷೇತ್ರದಲ್ಲಿ 20 ವರ್ಷಗಳಿಂದ ಬಾಕಿ ಉಳಿದಿದ್ದ ಕಾಮಗಾರಿಗಳನ್ನು ಪೂರ್ಣಗೊಳಿಸಲಾಗಿದೆ. ಜಿಲ್ಲಾ ಕೇಂದ್ರದಲ್ಲಿ ವೈದ್ಯಕೀಯ ಕಾಲೇಜು, ಸುಸಜ್ಜಿತ ಆಸ್ಪತ್ರೆ, ರಿಂಗ್ ರಸ್ತೆ ನಿರ್ಮಾಣ ಕಾರ್ಯ ಪ್ರಗತಿಯಲ್ಲಿದೆ. ಪ್ರತಿ ಗ್ರಾಮಕ್ಕೂ ಕುಡಿಯುವ ನೀರು ಒದಗಿಸುವ ಕೆಲಸ ನಡೆಯುತ್ತಿದೆ. ಕಾರ್ಯಕ್ರಮದಲ್ಲಿ ಜಿಲ್ಲಾಧಿಕಾರಿ ಪಿ.ಎನ್.ರವೀಂದ್ರ, ಜಿಲ್ಲಾ ಪಂಚಾಯತ್ ಸಿಇಒ, ಉಪವಿಭಾಗಾಧಿಕಾರಿ, ತಹಶೀಲ್ದಾರ್, ನಗರಸಭೆ ಅಧ್ಯಕ್ಷರು, ಸದಸ್ಯರು ಹಾಗೂ ಸಾರ್ವಜನಿಕರು ಉಪಸ್ಥಿತರಿದ್ದರು. ಜನರ ಸಮಸ್ಯೆಗಳನ್ನು ಆಲಿಸಿ ಸ್ಥಳದಲ್ಲೇ ಪರಿಹಾರ ನೀಡಲು ಅಧಿಕಾರಿಗಳಿಗೆ ಸೂಚಿಸಲಾಯಿತು. ಒಟ್ಟು 210 ಕೋಟಿ ರೂಪಾಯಿಗಳ ಕಾಮಗಾರಿಗಳಿಗೆ ಚಾಲನೆ ನೀಡಲಾಯಿತು.
ಇಂದು ಜಯಂತಿಗಳ ಪೂರ್ವಭಾವಿ ಸಭೆ
ಕೋಲಾರ: ಕೋಲಾರ ಜಿಲ್ಲಾಡಳಿತ, ಜಿಲ್ಲಾ ಪಂಚಾಯತ್ ಹಾಗೂ ಕನ್ನಡ ಮತ್ತು ಸಂಸ್ಕೃತಿ ಇಲಾಖೆಯ ವತಿಯಿಂದ 2025-26ನೇ ಸಾಲಿನ ಜಯಂತಿಗಳ ಆಚರಣೆಯ ಕುರಿತು ಪೂರ್ವಭಾವಿ ಸಭೆಯನ್ನು ಡಿಸೆಂಬರ್ 30 (ಮಂಗಳವಾರ) ರಂದು ಮಧ್ಯಾಹ್ನ 3 ಗಂಟೆಗೆ ಜಿಲ್ಲಾಧಿಕಾರಿಗಳ ಕಚೇರಿಯ ಸಭಾಂಗಣದಲ್ಲಿ ನಡೆಸಲಾಗುವುದು. ಈ ಸಂಬಂಧವಾಗಿ ಜಿಲ್ಲಾ ಮಟ್ಟದ ಅಧಿಕಾರಿಗಳು, ಸಂಘ ಸಂಸ್ಥೆಗಳ ಪದಾಧಿಕಾರಿಗಳು, ಸಮಾಜದ ಮುಖಂಡರು ಸಭೆಗೆ ತಪ್ಪದೆ ಹಾಜರಾಗಬೇಕೆಂದು ಕನ್ನಡ ಮತ್ತು ಸಂಸ್ಕೃತಿ ಇಲಾಖೆಯ ಸಹಾಯಕ ನಿರ್ದೇಶಕರು ಪ್ರಕಟಣೆಯಲ್ಲಿ ತಿಳಿಸಿದ್ದಾರೆ.
ಕನ್ನಡದ ಕಂಪನ್ನು ಜಗತ್ತಿಗೆ ಪಸರಿಸಿದ ಕವಿ ಕುವೆಂಪು: ಎಡಿಸಿ ಸೈಯಿದಾ ಆಯಿಷಾ
ವಿಶ್ವಮಾನವ ದಿನಾಚರಣೆ
ಚಿಕ್ಕಬಳ್ಳಾಪುರ: ಸಾಹಿತಿ, ನಾಟಕ ಸಮಾಜ ಸುಧಾರಕ, ದಾರ್ಶನಿಕ ಕವಿ ಕುವೆಂಪು ಅವರು ಕನ್ನಡದ ಕಂಪನ್ನು ವಿಶ್ವಕ್ಕೆ ಪಸರಿಸಿದ ಮಹಾನ್ ಕವಿ ಎಂದು ಅಪರ ಜಿಲ್ಲಾಧಿಕಾರಿ ಸೈಯಿದಾ ಆಯಿಷಾ ತಿಳಿಸಿದರು. ಜಿಲ್ಲಾಡಳಿತ ಭವನದಲ್ಲಿ ಆಯೋಜಿಸಲಾಗಿದ್ದ ವಿಶ್ವಮಾನವ ದಿನಾಚರಣೆ ಕಾರ್ಯಕ್ರಮದಲ್ಲಿ ಕುವೆಂಪು ಅವರ ಭಾವಚಿತ್ರಕ್ಕೆ ಪುಷ್ಪನಮನ ಸಲ್ಲಿಸಿ ಮಾತನಾಡಿದರು. ರಾಷ್ಟ್ರಕವಿ ಕುವೆಂಪು ಅವರು ಕನ್ನಡ ಸಾಹಿತ್ಯಕ್ಕೆ ಜ್ಞಾನಪೀಠ ಪ್ರಶಸ್ತಿ ತಂದುಕೊಟ್ಟ ಮೊದಲ ಕವಿ. ಅವರ ಶ್ರೀ ರಾಮಾಯಣ ದರ್ಶನಂ ಮಹಾಕಾವ್ಯ ಕನ್ನಡ ಸಾಹಿತ್ಯದ ಮೇರುಕೃತಿಯಾಗಿದೆ. ಮನುಜ ಮತ, ವಿಶ್ವ ಪಥ ಎಂಬ ಅವರ ಸಂದೇಶವನ್ನು ಎಲ್ಲರೂ ಪಾಲಿಸಬೇಕು ಎಂದರು. ಕಾರ್ಯಕ್ರಮದಲ್ಲಿ ಕನ್ನಡ ಮತ್ತು ಸಂಸ್ಕೃತಿ ಇಲಾಖೆಯ ಅಧಿಕಾರಿಗಳು, ಸಾಹಿತಿಗಳು, ವಿದ್ಯಾರ್ಥಿಗಳು ಹಾಗೂ ಸಾರ್ವಜನಿಕರು ಉಪಸ್ಥಿತರಿದ್ದರು. ಕುವೆಂಪು ಅವರ ಸಾಹಿತ್ಯ ಕೇವಲ ಕರ್ನಾಟಕಕ್ಕೆ ಸೀಮಿತವಾಗಿಲ್ಲ. ಸಾಹಿತಿ, ನಾಟಕ ಸಮಾಜ ಸುಧಾರಕ, ದಾರ್ಶನಿಕ ಕವಿ ಕುವೆಂಪು ಅವರು ಕನ್ನಡದ ಕಂಪನ್ನು ವಿಶ್ವಕ್ಕೆ ಪಸರಿಸಿದ ಮಹಾನ್ ಕವಿ ಎಂದು ಅಪರ ಜಿಲ್ಲಾಧಿಕಾರಿ ಸೈಯಿದಾ ಆಯಿಷಾ ತಿಳಿಸಿದರು. ಜಿಲ್ಲಾಡಳಿತ ಭವನದಲ್ಲಿ ಆಯೋಜಿಸಲಾಗಿದ್ದ ವಿಶ್ವಮಾನವ ದಿನಾಚರಣೆ ಕಾರ್ಯಕ್ರಮದಲ್ಲಿ ಕುವೆಂಪು ಅವರ ಭಾವಚಿತ್ರಕ್ಕೆ ಪುಷ್ಪನಮನ ಸಲ್ಲಿಸಿ ಮಾತನಾಡಿದರು. ರಾಷ್ಟ್ರಕವಿ ಕುವೆಂಪು ಅವರು ಕನ್ನಡ ಸಾಹಿತ್ಯಕ್ಕೆ ಜ್ಞಾನಪೀಠ ಪ್ರಶಸ್ತಿ ತಂದುಕೊಟ್ಟ ಮೊದಲ ಕವಿ. ಅವರ ಶ್ರೀ ರಾಮಾಯಣ ದರ್ಶನಂ ಮಹಾಕಾವ್ಯ ಕನ್ನಡ ಸಾಹಿತ್ಯದ ಮೇರುಕೃತಿಯಾಗಿದೆ. ಮನುಜ ಮತ, ವಿಶ್ವ ಪಥ ಎಂಬ ಅವರ ಸಂದೇಶವನ್ನು ಎಲ್ಲರೂ ಪಾಲಿಸಬೇಕು ಎಂದರು. ಕಾರ್ಯಕ್ರಮದಲ್ಲಿ ಕನ್ನಡ ಮತ್ತು ಸಂಸ್ಕೃತಿ ಇಲಾಖೆಯ ಅಧಿಕಾರಿಗಳು, ಸಾಹಿತಿಗಳು, ವಿದ್ಯಾರ್ಥಿಗಳು ಹಾಗೂ ಸಾರ್ವಜನಿಕರು ಉಪಸ್ಥಿತರಿದ್ದರು. ಕುವೆಂಪು ಅವರ ಸಾಹಿತ್ಯ ಕೇವಲ ಕರ್ನಾಟಕಕ್ಕೆ ಸೀಮಿತವಾಗಿಲ್ಲ.
ಸರ್ವಜನಾಂಗದ ಶಾಂತಿಯ ತೋಟ ಕಟ್ಟೋಣ
ಕೋಲಾರ: ನಾಡಿನಲ್ಲಿರುವ ಸರ್ವ ಜನಾಂಗದ ಶಾಂತಿ ತೋಟ ಕಟ್ಟುವ ದಿಕ್ಕಿನಲ್ಲಿ ನಡೆದರೆ, ವಿಶ್ವ ಮಾನವ ಕುವೆಂಪು ಅವರ ಜನ್ಮದಿನ ಆಚರಣೆಗೆ ನಿಜವಾದ ಅರ್ಥ ಬರುತ್ತದೆ ಎಂದು ಅಪರ ಜಿಲ್ಲಾಧಿಕಾರಿ ಎಸ್.ಎ.ಮಂಗಳಾ ಅಭಿಪ್ರಾಯಪಟ್ಟರು. ನಗರದ ಜಿಲ್ಲಾ ರಂಗಮಂದಿರದಲ್ಲಿ ಜಿಲ್ಲಾಡಳಿತ, ಜಿಲ್ಲಾ ಪಂಚಾಯತ್ ಹಾಗೂ ಕನ್ನಡ ಮತ್ತು ಸಂಸ್ಕೃತಿ ಇಲಾಖೆ ವತಿಯಿಂದ ಆಯೋಜಿಸಿದ್ದ ರಾಷ್ಟ್ರಕವಿ ಕುವೆಂಪು ಅವರ ಜನ್ಮದಿನಾಚರಣೆ ಕಾರ್ಯಕ್ರಮವನ್ನು ಉದ್ಘಾಟಿಸಿ ಅವರು ಮಾತನಾಡಿದರು. ಕುವೆಂಪು ಅವರ ಚಿಂತನೆಗಳು ಇಂದಿಗೂ ಪ್ರಸ್ತುತವಾಗಿವೆ. ಜಾತಿ, ಮತ, ಧರ್ಮಗಳನ್ನು ಮೀರಿ ಮಾನವೀಯತೆಯನ್ನು ಎತ್ತಿ ಹಿಡಿದ ಕವಿ ಕುವೆಂಪು. ಮಕ್ಕಳು ಕುವೆಂಪು ಅವರ ಸಾಹಿತ್ಯವನ್ನು ಓದಿ ಅರ್ಥೈಸಿಕೊಳ್ಳಬೇಕು ಎಂದರು. ಮುಖ್ಯ ಭಾಷಣಕಾರರಾಗಿ ಆಗಮಿಸಿದ್ದ ಸಾಹಿತಿಗಳು ಕುವೆಂಪು ಅವರ ಜೀವನ ಮತ್ತು ಸಾಹಿತ್ಯ ಕುರಿತು ಉಪನ್ಯಾಸ ನೀಡಿದರು. ಕಾರ್ಯಕ್ರಮದಲ್ಲಿ ತಹಶೀಲ್ದಾರ್, ಕನ್ನಡ ಮತ್ತು ಸಂಸ್ಕೃತಿ ಇಲಾಖೆಯ ಸಹಾಯಕ ನಿರ್ದೇಶಕರು, ಕನ್ನಡ ಸಾಹಿತ್ಯ ಪರಿಷತ್ ಜಿಲ್ಲಾಧ್ಯಕ್ಷರು ಹಾಗೂ ಗಣ್ಯರು ಉಪಸ್ಥಿತರಿದ್ದರು. ಸರ್ವರಿಗೂ ಸಮಬಾಳು, ಸರ್ವರಿಗೂ ಸಮಪಾಲು ಎಂಬ ತತ್ವ ಅವರದು.
ನಾಡಿನಲ್ಲಿರುವ ಸರ್ವ ಜನಾಂಗದ ಶಾಂತಿ ತೋಟ ಕಟ್ಟುವ ದಿಕ್ಕಿನಲ್ಲಿ ನಡೆದರೆ, ವಿಶ್ವ ಮಾನವ ಕುವೆಂಪು ಅವರ ಜನ್ಮದಿನ ಆಚರಣೆಗೆ ನಿಜವಾದ ಅರ್ಥ ಬರುತ್ತದೆ ಎಂದು ಅಪರ ಜಿಲ್ಲಾಧಿಕಾರಿ ಎಸ್.ಎ.ಮಂಗಳಾ ಅಭಿಪ್ರಾಯಪಟ್ಟರು. ನಗರದ ಜಿಲ್ಲಾ ರಂಗಮಂದಿರದಲ್ಲಿ ಜಿಲ್ಲಾಡಳಿತ, ಜಿಲ್ಲಾ ಪಂಚಾಯತ್ ಹಾಗೂ ಕನ್ನಡ ಮತ್ತು ಸಂಸ್ಕೃತಿ ಇಲಾಖೆ ವತಿಯಿಂದ ಆಯೋಜಿಸಿದ್ದ ರಾಷ್ಟ್ರಕವಿ ಕುವೆಂಪು ಅವರ ಜನ್ಮದಿನಾಚರಣೆ ಕಾರ್ಯಕ್ರಮವನ್ನು ಉದ್ಘಾಟಿಸಿ ಅವರು ಮಾತನಾಡಿದರು. ಕುವೆಂಪು ಅವರ ಚಿಂತನೆಗಳು ಇಂದಿಗೂ ಪ್ರಸ್ತುತವಾಗಿವೆ. ಜಾತಿ, ಮತ, ಧರ್ಮಗಳನ್ನು ಮೀರಿ ಮಾನವೀಯತೆಯನ್ನು ಎತ್ತಿ ಹಿಡಿದ ಕವಿ ಕುವೆಂಪು. ಮಕ್ಕಳು ಕುವೆಂಪು ಅವರ ಸಾಹಿತ್ಯವನ್ನು ಓದಿ ಅರ್ಥೈಸಿಕೊಳ್ಳಬೇಕು ಎಂದರು. ಮುಖ್ಯ ಭಾಷಣಕಾರರಾಗಿ ಆಗಮಿಸಿದ್ದ ಸಾಹಿತಿಗಳು ಕುವೆಂಪು ಅವರ ಜೀವನ ಮತ್ತು ಸಾಹಿತ್ಯ ಕುರಿತು ಉಪನ್ಯಾಸ ನೀಡಿದರು. ಕಾರ್ಯಕ್ರಮದಲ್ಲಿ ತಹಶೀಲ್ದಾರ್, ಕನ್ನಡ ಮತ್ತು ಸಂಸ್ಕೃತಿ ಇಲಾಖೆಯ ಸಹಾಯಕ ನಿರ್ದೇಶಕರು, ಕನ್ನಡ ಸಾಹಿತ್ಯ ಪರಿಷತ್ ಜಿಲ್ಲಾಧ್ಯಕ್ಷರು ಹಾಗೂ ಗಣ್ಯರು ಉಪಸ್ಥಿತರಿದ್ದರು. ಸರ್ವರಿಗೂ ಸಮಬಾಳು, ಸರ್ವರಿಗೂ ಸಮಪಾಲು ಎಂಬ ತತ್ವ ಅವರದು.
ನಾಡಿನಲ್ಲಿರುವ ಸರ್ವ ಜನಾಂಗದ ಶಾಂತಿ ತೋಟ ಕಟ್ಟುವ ದಿಕ್ಕಿನಲ್ಲಿ ನಡೆದರೆ, ವಿಶ್ವ ಮಾನವ ಕುವೆಂಪು ಅವರ ಜನ್ಮದಿನ ಆಚರಣೆಗೆ ನಿಜವಾದ ಅರ್ಥ ಬರುತ್ತದೆ ಎಂದು ಅಪರ ಜಿಲ್ಲಾಧಿಕಾರಿ ಎಸ್.ಎ.ಮಂಗಳಾ ಅಭಿಪ್ರಾಯಪಟ್ಟರು. ನಗರದ ಜಿಲ್ಲಾ ರಂಗಮಂದಿರದಲ್ಲಿ ಜಿಲ್ಲಾಡಳಿತ, ಜಿಲ್ಲಾ ಪಂಚಾಯತ್ ಹಾಗೂ ಕನ್ನಡ ಮತ್ತು ಸಂಸ್ಕೃತಿ ಇಲಾಖೆ ವತಿಯಿಂದ ಆಯೋಜಿಸಿದ್ದ ರಾಷ್ಟ್ರಕವಿ ಕುವೆಂಪು ಅವರ ಜನ್ಮದಿನಾಚರಣೆ ಕಾರ್ಯಕ್ರಮವನ್ನು ಉದ್ಘಾಟಿಸಿ ಅವರು ಮಾತನಾಡಿದರು. ಕುವೆಂಪು ಅವರ ಚಿಂತನೆಗಳು ಇಂದಿಗೂ ಪ್ರಸ್ತುತವಾಗಿವೆ. ಜಾತಿ, ಮತ, ಧರ್ಮಗಳನ್ನು ಮೀರಿ ಮಾನವೀಯತೆಯನ್ನು ಎತ್ತಿ ಹಿಡಿದ ಕವಿ ಕುವೆಂಪು. ಮಕ್ಕಳು ಕುವೆಂಪು ಅವರ ಸಾಹಿತ್ಯವನ್ನು ಓದಿ ಅರ್ಥೈಸಿಕೊಳ್ಳಬೇಕು ಎಂದರು. ಮುಖ್ಯ ಭಾಷಣಕಾರರಾಗಿ ಆಗಮಿಸಿದ್ದ ಸಾಹಿತಿಗಳು ಕುವೆಂಪು ಅವರ ಜೀವನ ಮತ್ತು ಸಾಹಿತ್ಯ ಕುರಿತು ಉಪನ್ಯಾಸ ನೀಡಿದರು. ಕಾರ್ಯಕ್ರಮದಲ್ಲಿ ತಹಶೀಲ್ದಾರ್, ಕನ್ನಡ ಮತ್ತು ಸಂಸ್ಕೃತಿ ಇಲಾಖೆಯ ಸಹಾಯಕ ನಿರ್ದೇಶಕರು, ಕನ್ನಡ ಸಾಹಿತ್ಯ ಪರಿಷತ್ ಜಿಲ್ಲಾಧ್ಯಕ್ಷರು ಹಾಗೂ ಗಣ್ಯರು ಉಪಸ್ಥಿತರಿದ್ದರು.
